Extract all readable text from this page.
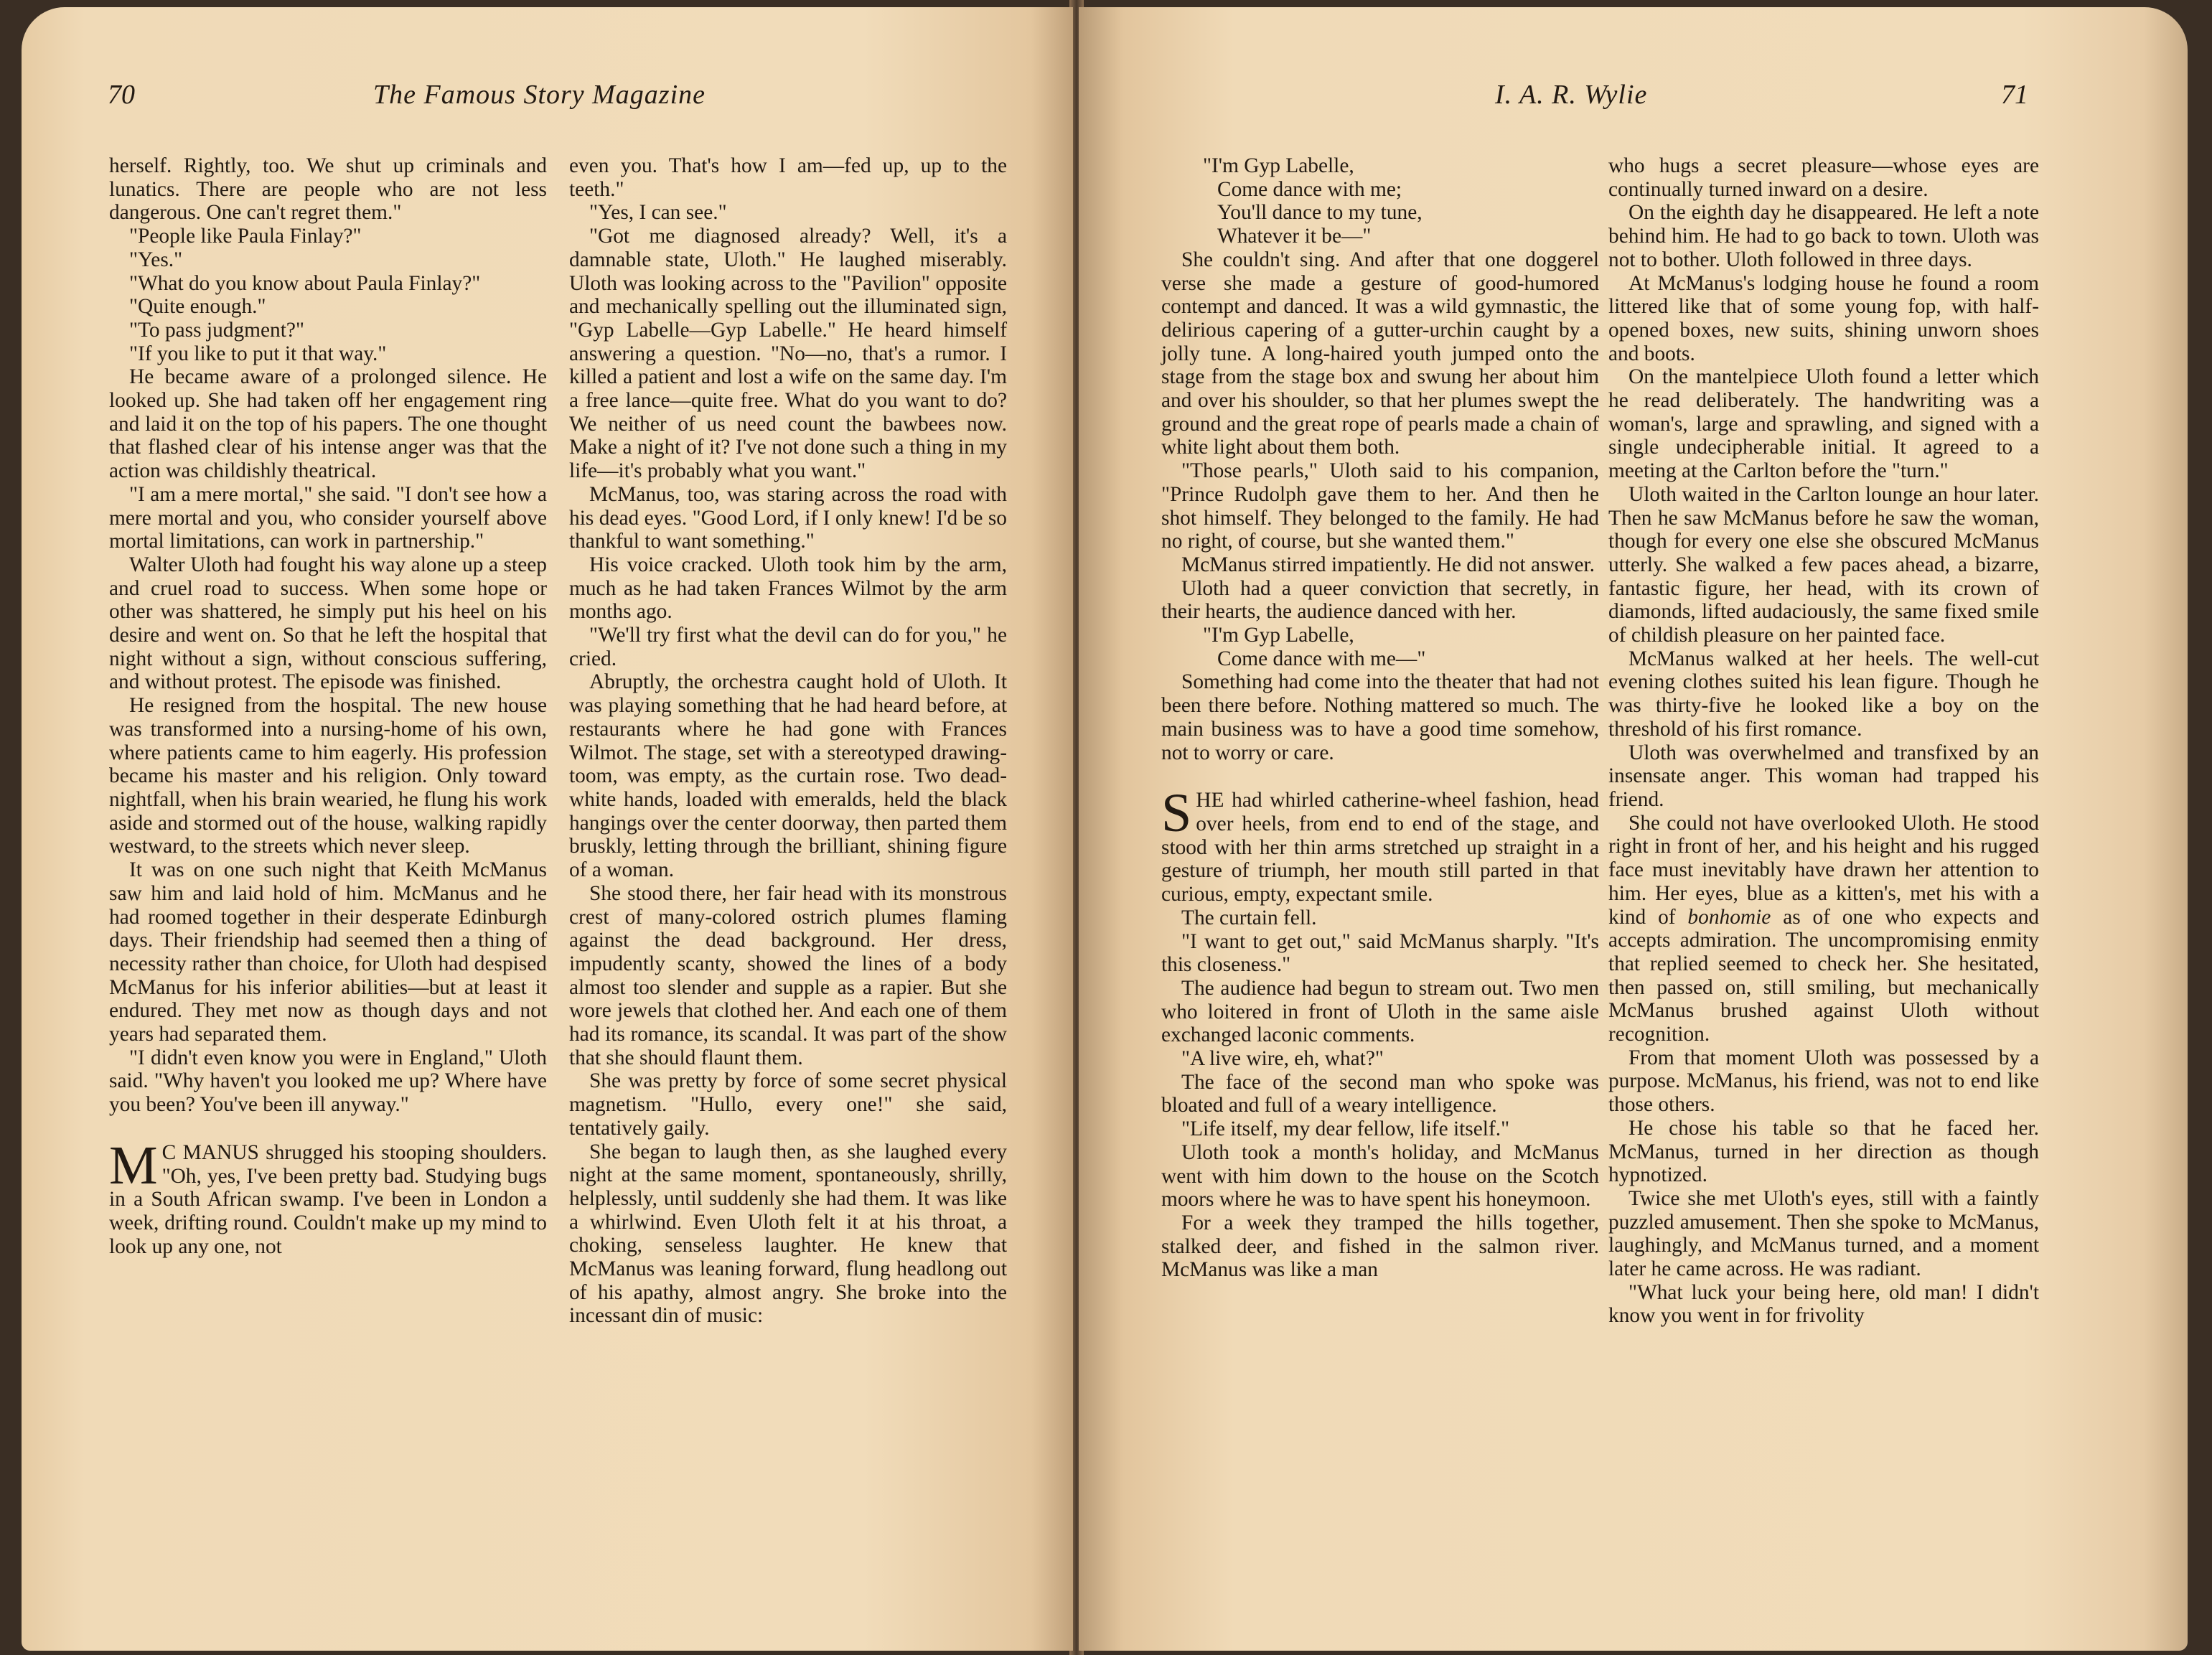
70	The Famous Story Magazine

herself. Rightly, too. We shut up criminals and lunatics. There are people who are not less dangerous. One can't regret them."

"People like Paula Finlay?"

"Yes."

"What do you know about Paula Finlay?"

"Quite enough."

"To pass judgment?"

"If you like to put it that way."

He became aware of a prolonged silence. He looked up. She had taken off her engagement ring and laid it on the top of his papers. The one thought that flashed clear of his intense anger was that the action was childishly theatrical.

"I am a mere mortal," she said. "I don't see how a mere mortal and you, who consider yourself above mortal limitations, can work in partnership."

Walter Uloth had fought his way alone up a steep and cruel road to success. When some hope or other was shattered, he simply put his heel on his desire and went on. So that he left the hospital that night without a sign, without conscious suffering, and without protest. The episode was finished.

He resigned from the hospital. The new house was transformed into a nursing-home of his own, where patients came to him eagerly. His profession became his master and his religion. Only toward nightfall, when his brain wearied, he flung his work aside and stormed out of the house, walking rapidly westward, to the streets which never sleep.

It was on one such night that Keith McManus saw him and laid hold of him. McManus and he had roomed together in their desperate Edinburgh days. Their friendship had seemed then a thing of necessity rather than choice, for Uloth had despised McManus for his inferior abilities—but at least it endured. They met now as though days and not years had separated them.

"I didn't even know you were in England," Uloth said. "Why haven't you looked me up? Where have you been? You've been ill anyway."

M C MANUS shrugged his stooping shoulders. "Oh, yes, I've been pretty bad. Studying bugs in a South African swamp. I've been in London a week, drifting round. Couldn't make up my mind to look up any one, not

even you. That's how I am—fed up, up to the teeth."

"Yes, I can see."

"Got me diagnosed already? Well, it's a damnable state, Uloth." He laughed miserably. Uloth was looking across to the "Pavilion" opposite and mechanically spelling out the illuminated sign, "Gyp Labelle—Gyp Labelle." He heard himself answering a question. "No—no, that's a rumor. I killed a patient and lost a wife on the same day. I'm a free lance—quite free. What do you want to do? We neither of us need count the bawbees now. Make a night of it? I've not done such a thing in my life—it's probably what you want."

McManus, too, was staring across the road with his dead eyes. "Good Lord, if I only knew! I'd be so thankful to want something."

His voice cracked. Uloth took him by the arm, much as he had taken Frances Wilmot by the arm months ago.

"We'll try first what the devil can do for you," he cried.

Abruptly, the orchestra caught hold of Uloth. It was playing something that he had heard before, at restaurants where he had gone with Frances Wilmot. The stage, set with a stereotyped drawing-toom, was empty, as the curtain rose. Two dead-white hands, loaded with emeralds, held the black hangings over the center doorway, then parted them bruskly, letting through the brilliant, shining figure of a woman.

She stood there, her fair head with its monstrous crest of many-colored ostrich plumes flaming against the dead background. Her dress, impudently scanty, showed the lines of a body almost too slender and supple as a rapier. But she wore jewels that clothed her. And each one of them had its romance, its scandal. It was part of the show that she should flaunt them.

She was pretty by force of some secret physical magnetism. "Hullo, every one!" she said, tentatively gaily.

She began to laugh then, as she laughed every night at the same moment, spontaneously, shrilly, helplessly, until suddenly she had them. It was like a whirlwind. Even Uloth felt it at his throat, a choking, senseless laughter. He knew that McManus was leaning forward, flung headlong out of his apathy, almost angry. She broke into the incessant din of music:

I. A. R. Wylie	71

"I'm Gyp Labelle,

Come dance with me;

You'll dance to my tune,

Whatever it be—"

She couldn't sing. And after that one doggerel verse she made a gesture of good-humored contempt and danced. It was a wild gymnastic, the delirious capering of a gutter-urchin caught by a jolly tune. A long-haired youth jumped onto the stage from the stage box and swung her about him and over his shoulder, so that her plumes swept the ground and the great rope of pearls made a chain of white light about them both.

"Those pearls," Uloth said to his companion, "Prince Rudolph gave them to her. And then he shot himself. They belonged to the family. He had no right, of course, but she wanted them."

McManus stirred impatiently. He did not answer.

Uloth had a queer conviction that secretly, in their hearts, the audience danced with her.

"I'm Gyp Labelle,

Come dance with me—"

Something had come into the theater that had not been there before. Nothing mattered so much. The main business was to have a good time somehow, not to worry or care.

SHE had whirled catherine-wheel fashion, head over heels, from end to end of the stage, and stood with her thin arms stretched up straight in a gesture of triumph, her mouth still parted in that curious, empty, expectant smile.

The curtain fell.

"I want to get out," said McManus sharply. "It's this closeness."

The audience had begun to stream out. Two men who loitered in front of Uloth in the same aisle exchanged laconic comments.

"A live wire, eh, what?"

The face of the second man who spoke was bloated and full of a weary intelligence.

"Life itself, my dear fellow, life itself."

Uloth took a month's holiday, and McManus went with him down to the house on the Scotch moors where he was to have spent his honeymoon.

For a week they tramped the hills together, stalked deer, and fished in the salmon river. McManus was like a man

who hugs a secret pleasure—whose eyes are continually turned inward on a desire.

On the eighth day he disappeared. He left a note behind him. He had to go back to town. Uloth was not to bother. Uloth followed in three days.

At McManus's lodging house he found a room littered like that of some young fop, with half-opened boxes, new suits, shining unworn shoes and boots.

On the mantelpiece Uloth found a letter which he read deliberately. The handwriting was a woman's, large and sprawling, and signed with a single undecipherable initial. It agreed to a meeting at the Carlton before the "turn."

Uloth waited in the Carlton lounge an hour later. Then he saw McManus before he saw the woman, though for every one else she obscured McManus utterly. She walked a few paces ahead, a bizarre, fantastic figure, her head, with its crown of diamonds, lifted audaciously, the same fixed smile of childish pleasure on her painted face.

McManus walked at her heels. The well-cut evening clothes suited his lean figure. Though he was thirty-five he looked like a boy on the threshold of his first romance.

Uloth was overwhelmed and transfixed by an insensate anger. This woman had trapped his friend.

She could not have overlooked Uloth. He stood right in front of her, and his height and his rugged face must inevitably have drawn her attention to him. Her eyes, blue as a kitten's, met his with a kind of bonhomie as of one who expects and accepts admiration. The uncompromising enmity that replied seemed to check her. She hesitated, then passed on, still smiling, but mechanically McManus brushed against Uloth without recognition.

From that moment Uloth was possessed by a purpose. McManus, his friend, was not to end like those others.

He chose his table so that he faced her. McManus, turned in her direction as though hypnotized.

Twice she met Uloth's eyes, still with a faintly puzzled amusement. Then she spoke to McManus, laughingly, and McManus turned, and a moment later he came across. He was radiant.

"What luck your being here, old man! I didn't know you went in for frivolity
